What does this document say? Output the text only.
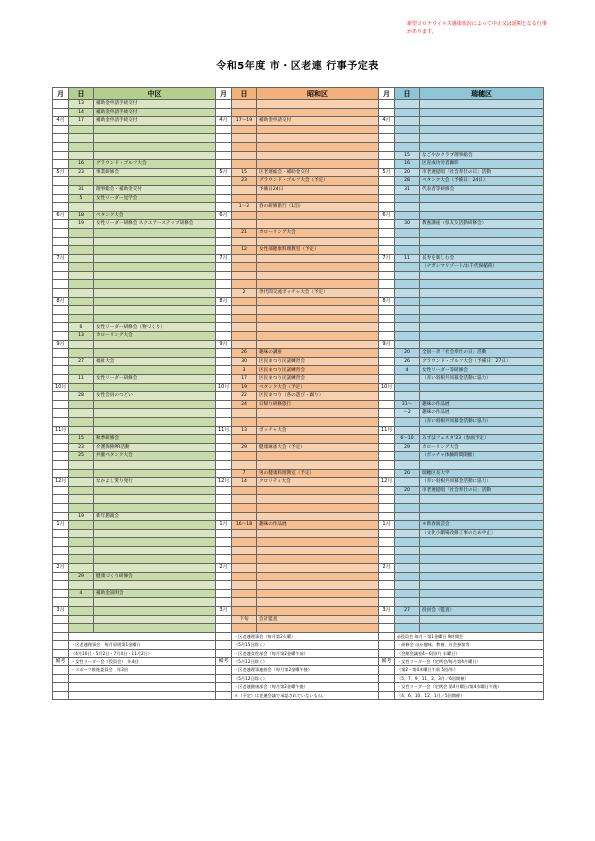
新型コロナウイルス感染状況によって中止又は延期となる行事があります。
令和5年度 市・区老連 行事予定表
月	日	中区	月	日	昭和区	月	日	瑞穂区
	13	補助金申請手続交付						
	14	補助金申請手続交付						
4月	17	補助金申請手続交付	4月	17～19	補助金申請交付	4月		

							15	なごやかクラブ理事総会
	16	グラウンド・ゴルフ大会					16	区育成功労者顕彰
5月	23	事業研修会	5月	15	区老連総会・補助金交付	5月	20	市老連提唱「社会奉仕の日」活動
				23	グラウンド・ゴルフ大会（予定）		28	ペタンク大会（予備日：24日）
	31	理事総会・補助金交付			予備日24日		31	代表者等研修会
	5	女性リーダー見学会						
				1～2	春の研修旅行（1泊）			
6月	18	ペタンク大会	6月			6月		
	19	女性リーダー研修会 スクエアーステップ研修会					30	教養講座（県友友活動研修会）
				21	カローリング大会			

				12	女性部健康料理教室（予定）			
7月			7月			7月	11	長寿を楽しむ会
								（ナガシマリゾート/お千代保稲荷）

				2	世代間交流ボッチャ大会（予定）			
8月			8月			8月		

	6	女性リーダー研修会（物づくり）						
	13	カローリング大会						
9月			9月			9月		
				26	趣味の講座		20	全国一斉「社会奉仕の日」活動
	27	福祉大会		30	区民まつり民謡練習会		26	グラウンド・ゴルフ大会（予備日：27日）
				3	区民まつり民謡練習会		4	女性リーダー等研修会
	11	女性リーダー研修会		17	区民まつり民謡練習会			（赤い羽根共同募金活動に協力）
10月			10月	19	ペタンク大会（予定）	10月		
	28	女性会員のつどい		22	区民まつり（各の遊び・踊り）			
				24	日帰り研修旅行		31～	趣味の作品展
							～2	趣味の作品展
								（赤い羽根共同募金活動に協力）
11月			11月	13	ボッチャ大会	11月		
	15	秋季研修会					6～10	みずほフェスタ'23（参画予定）
	23	介護保険PR活動		29	健康麻雀大会（予定）		29	カローリング大会
	25	共催ペタンク大会						（ボッチャ体験時間開催）

				7	男の健康料理教室（予定）		20	瑞穂区長大学
12月		なかよし愛り発行	12月	14	クロリティ大会	12月		（赤い羽根共同募金活動に協力）
							20	市老連提唱「社会奉仕の日」活動

	19	新年懇親会						
1月			1月	16～18	趣味の作品展	1月		＊新春演芸会
								（文化小劇場改修工事のため中止）

2月			2月			2月		
	29	健康づくり研修会						

	4	補助金説明会						

3月			3月			3月	27	役員会（監査）
				下旬	会計監査			

				・区老連理事会（毎月第2火曜）			◎役員会 毎月・第1金曜日 9時開会	
	・区老連理事会　毎月原則第1金曜日			（5月15日除く）			・研修会 ほか趣味、教養、社会参加等	
	（4月10日・5月2日・7月4日・11月2日）			・区老連女性部会（毎月第2金曜午前）			（会館会議室4〜6回/月 水曜日）	
備考	・女性リーダー会（役員会）　年4回		備考	（5月12日除く）		備考	・女性リーダー会（定例会/毎月第4月曜日）	
	・スポーツ推進委員会　年3回			・区老連理事連絡会（毎月第2金曜午後）			（第2・第4木曜日午前 5回/年）	
				（5月12日除く）			（5、7、9、11、2、3月／6回開催）	
				・区老連健康部会（毎月第2金曜午後）			・女性リーダー会（定例会 第4月曜日/第4水曜日午後）	
				＊（予定）は老連会議で承認されていないもの。			（4、6、10、12、1月／5回開催）	
